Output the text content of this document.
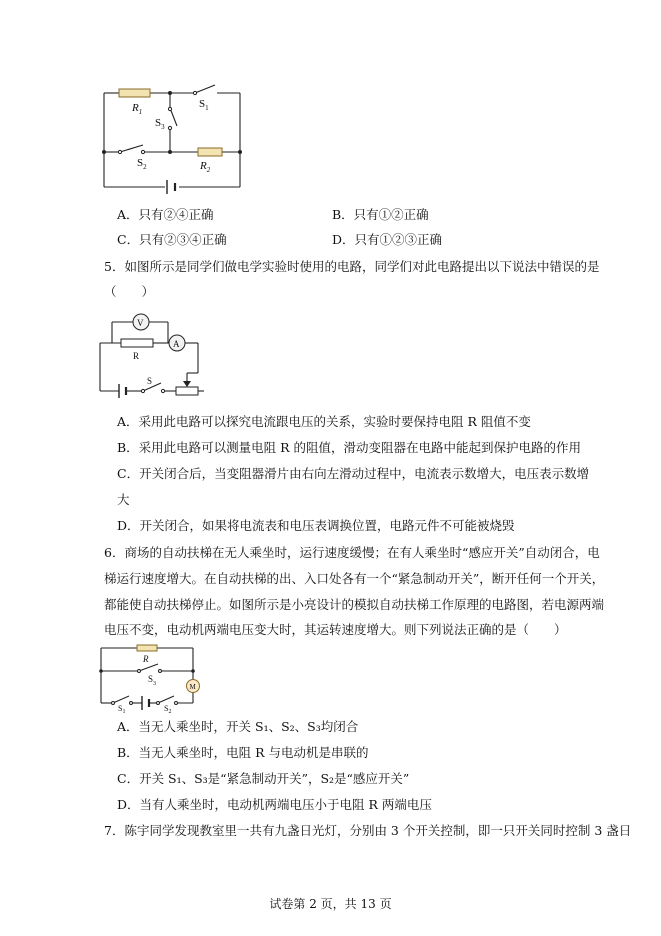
$R_1$
$S_1$
$S_3$
$S_2$	$R_2$
A．只有②④正确	B．只有①②正确
C．只有②③④正确	D．只有①②③正确
5．如图所示是同学们做电学实验时使用的电路，同学们对此电路提出以下说法中错误的是
（　　）
V
A
R
S
A．采用此电路可以探究电流跟电压的关系，实验时要保持电阻 R 阻值不变
B．采用此电路可以测量电阻 R 的阻值，滑动变阻器在电路中能起到保护电路的作用
C．开关闭合后，当变阻器滑片由右向左滑动过程中，电流表示数增大，电压表示数增
大
D．开关闭合，如果将电流表和电压表调换位置，电路元件不可能被烧毁
6．商场的自动扶梯在无人乘坐时，运行速度缓慢；在有人乘坐时“感应开关”自动闭合，电
梯运行速度增大。在自动扶梯的出、入口处各有一个“紧急制动开关”，断开任何一个开关，
都能使自动扶梯停止。如图所示是小亮设计的模拟自动扶梯工作原理的电路图，若电源两端
电压不变，电动机两端电压变大时，其运转速度增大。则下列说法正确的是（　　）
R
$S_3$	M
$S_1$	$S_2$
A．当无人乘坐时，开关 S₁、S₂、S₃均闭合
B．当无人乘坐时，电阻 R 与电动机是串联的
C．开关 S₁、S₃是“紧急制动开关”，S₂是“感应开关”
D．当有人乘坐时，电动机两端电压小于电阻 R 两端电压
7．陈宇同学发现教室里一共有九盏日光灯，分别由 3 个开关控制，即一只开关同时控制 3 盏日
试卷第 2 页，共 13 页
